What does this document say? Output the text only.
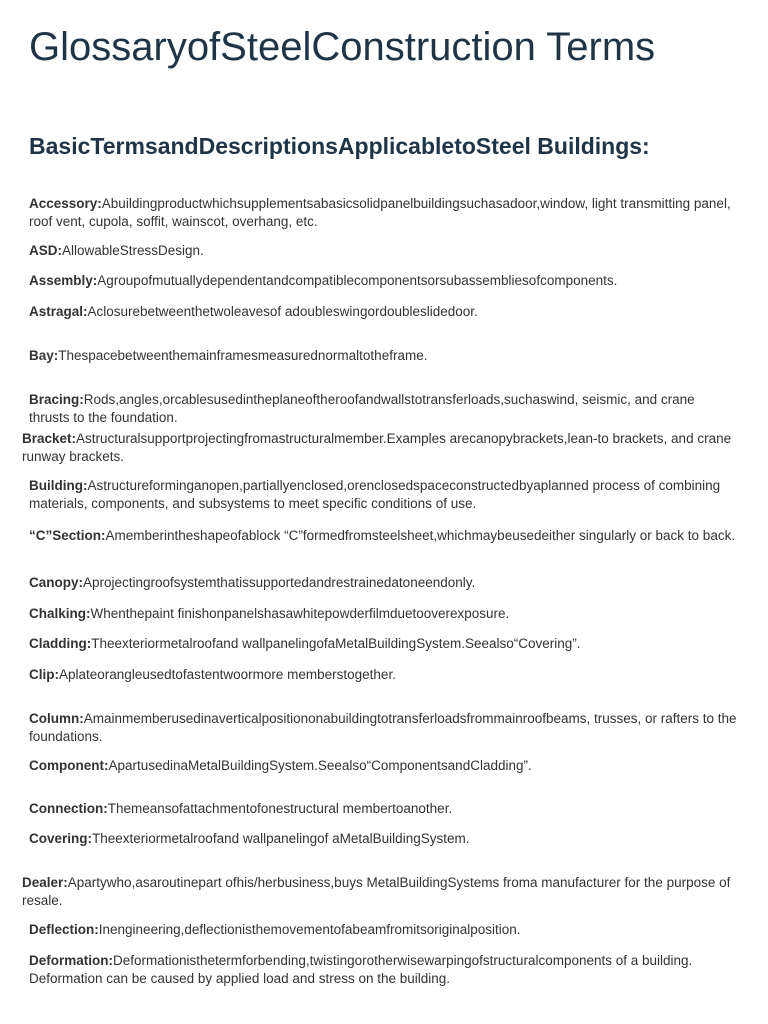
GlossaryofSteelConstruction Terms
BasicTermsandDescriptionsApplicabletoSteel Buildings:

Accessory:Abuildingproductwhichsupplementsabasicsolidpanelbuildingsuchasadoor,window, light transmitting panel, roof vent, cupola, soffit, wainscot, overhang, etc.

ASD:AllowableStressDesign.

Assembly:Agroupofmutuallydependentandcompatiblecomponentsorsubassembliesofcomponents.

Astragal:Aclosurebetweenthetwoleavesof adoubleswingordoubleslidedoor.

Bay:Thespacebetweenthemainframesmeasurednormaltotheframe.

Bracing:Rods,angles,orcablesusedintheplaneoftheroofandwallstotransferloads,suchaswind, seismic, and crane thrusts to the foundation.

Bracket:Astructuralsupportprojectingfromastructuralmember.Examples arecanopybrackets,lean-to brackets, and crane runway brackets.

Building:Astructureforminganopen,partiallyenclosed,orenclosedspaceconstructedbyaplanned process of combining materials, components, and subsystems to meet specific conditions of use.

“C”Section:Amemberintheshapeofablock “C”formedfromsteelsheet,whichmaybeusedeither singularly or back to back.

Canopy:Aprojectingroofsystemthatissupportedandrestrainedatoneendonly.

Chalking:Whenthepaint finishonpanelshasawhitepowderfilmduetooverexposure.

Cladding:Theexteriormetalroofand wallpanelingofaMetalBuildingSystem.Seealso“Covering”.

Clip:Aplateorangleusedtofastentwoormore memberstogether.

Column:Amainmemberusedinaverticalpositiononabuildingtotransferloadsfrommainroofbeams, trusses, or rafters to the foundations.

Component:ApartusedinaMetalBuildingSystem.Seealso“ComponentsandCladding”.

Connection:Themeansofattachmentofonestructural membertoanother.

Covering:Theexteriormetalroofand wallpanelingof aMetalBuildingSystem.

Dealer:Apartywho,asaroutinepart ofhis/herbusiness,buys MetalBuildingSystems froma manufacturer for the purpose of resale.

Deflection:Inengineering,deflectionisthemovementofabeamfromitsoriginalposition.

Deformation:Deformationisthetermforbending,twistingorotherwisewarpingofstructuralcomponents of a building. Deformation can be caused by applied load and stress on the building.
